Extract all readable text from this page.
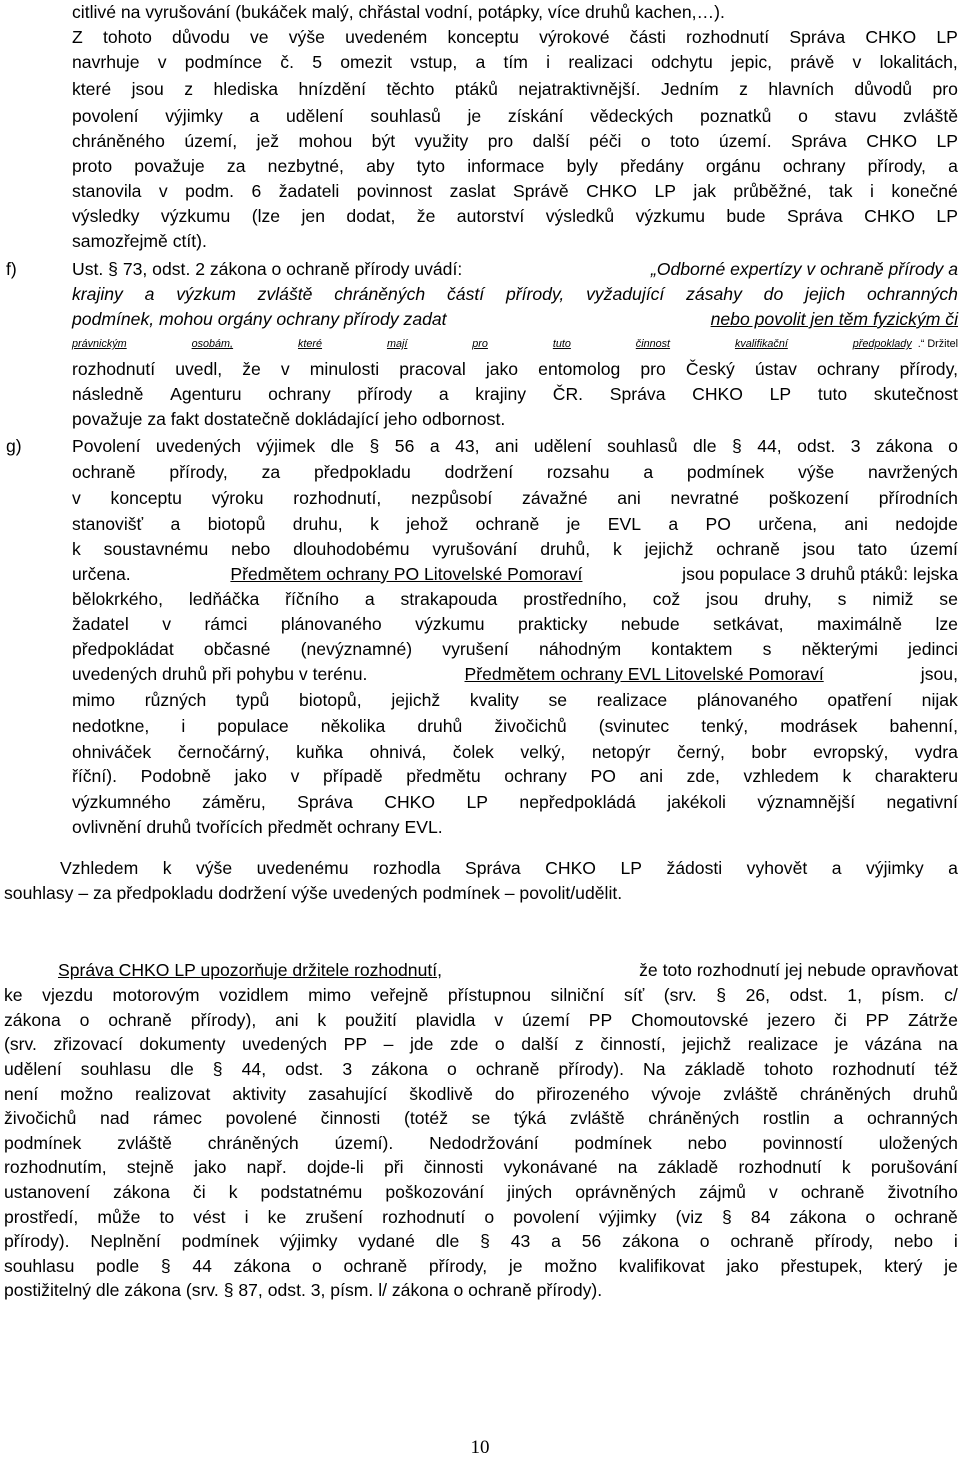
citlivé na vyrušování (bukáček malý, chřástal vodní, potápky, více druhů kachen,…).
Z tohoto důvodu ve výše uvedeném konceptu výrokové části rozhodnutí Správa CHKO LP
navrhuje v podmínce č. 5 omezit vstup, a tím i realizaci odchytu jepic, právě v lokalitách,
které jsou z hlediska hnízdění těchto ptáků nejatraktivnější. Jedním z hlavních důvodů pro
povolení výjimky a udělení souhlasů je získání vědeckých poznatků o stavu zvláště
chráněného území, jež mohou být využity pro další péči o toto území. Správa CHKO LP
proto považuje za nezbytné, aby tyto informace byly předány orgánu ochrany přírody, a
stanovila v podm. 6 žadateli povinnost zaslat Správě CHKO LP jak průběžné, tak i konečné
výsledky výzkumu (lze jen dodat, že autorství výsledků výzkumu bude Správa CHKO LP
samozřejmě ctít).
f)	Ust. § 73, odst. 2 zákona o ochraně přírody uvádí:	„Odborné expertízy v ochraně přírody a
krajiny a výzkum zvláště chráněných částí přírody, vyžadující zásahy do jejich ochranných
podmínek, mohou orgány ochrany přírody zadat	nebo povolit jen těm fyzickým či
právnickým	osobám,	které	mají	pro	tuto	činnost	kvalifikační	předpoklady .“ Držitel
rozhodnutí uvedl, že v minulosti pracoval jako entomolog pro Český ústav ochrany přírody,
následně Agenturu ochrany přírody a krajiny ČR. Správa CHKO LP tuto skutečnost
považuje za fakt dostatečně dokládající jeho odbornost.
g)	Povolení uvedených výjimek dle § 56 a 43, ani udělení souhlasů dle § 44, odst. 3 zákona o
ochraně přírody, za předpokladu dodržení rozsahu a podmínek výše navržených
v konceptu výroku rozhodnutí, nezpůsobí závažné ani nevratné poškození přírodních
stanovišť a biotopů druhu, k jehož ochraně je EVL a PO určena, ani nedojde
k soustavnému nebo dlouhodobému vyrušování druhů, k jejichž ochraně jsou tato území
určena.	Předmětem ochrany PO Litovelské Pomoraví	jsou populace 3 druhů ptáků: lejska
bělokrkého, ledňáčka říčního a strakapouda prostředního, což jsou druhy, s nimiž se
žadatel v rámci plánovaného výzkumu prakticky nebude setkávat, maximálně lze
předpokládat občasné (nevýznamné) vyrušení náhodným kontaktem s některými jedinci
uvedených druhů při pohybu v terénu.	Předmětem ochrany EVL Litovelské Pomoraví	jsou,
mimo různých typů biotopů, jejichž kvality se realizace plánovaného opatření nijak
nedotkne, i populace několika druhů živočichů (svinutec tenký, modrásek bahenní,
ohniváček černočárný, kuňka ohnivá, čolek velký, netopýr černý, bobr evropský, vydra
říční). Podobně jako v případě předmětu ochrany PO ani zde, vzhledem k charakteru
výzkumného záměru, Správa CHKO LP nepředpokládá jakékoli významnější negativní
ovlivnění druhů tvořících předmět ochrany EVL.
Vzhledem k výše uvedenému rozhodla Správa CHKO LP žádosti vyhovět a výjimky a
souhlasy – za předpokladu dodržení výše uvedených podmínek – povolit/udělit.
Správa CHKO LP upozorňuje držitele rozhodnutí,	že toto rozhodnutí jej nebude opravňovat
ke vjezdu motorovým vozidlem mimo veřejně přístupnou silniční síť (srv. § 26, odst. 1, písm. c/
zákona o ochraně přírody), ani k použití plavidla v území PP Chomoutovské jezero či PP Zátrže
(srv. zřizovací dokumenty uvedených PP – jde zde o další z činností, jejichž realizace je vázána na
udělení souhlasu dle § 44, odst. 3 zákona o ochraně přírody). Na základě tohoto rozhodnutí též
není možno realizovat aktivity zasahující škodlivě do přirozeného vývoje zvláště chráněných druhů
živočichů nad rámec povolené činnosti (totéž se týká zvláště chráněných rostlin a ochranných
podmínek zvláště chráněných území). Nedodržování podmínek nebo povinností uložených
rozhodnutím, stejně jako např. dojde-li při činnosti vykonávané na základě rozhodnutí k porušování
ustanovení zákona či k podstatnému poškozování jiných oprávněných zájmů v ochraně životního
prostředí, může to vést i ke zrušení rozhodnutí o povolení výjimky (viz § 84 zákona o ochraně
přírody). Neplnění podmínek výjimky vydané dle § 43 a 56 zákona o ochraně přírody, nebo i
souhlasu podle § 44 zákona o ochraně přírody, je možno kvalifikovat jako přestupek, který je
postižitelný dle zákona (srv. § 87, odst. 3, písm. l/ zákona o ochraně přírody).
10
